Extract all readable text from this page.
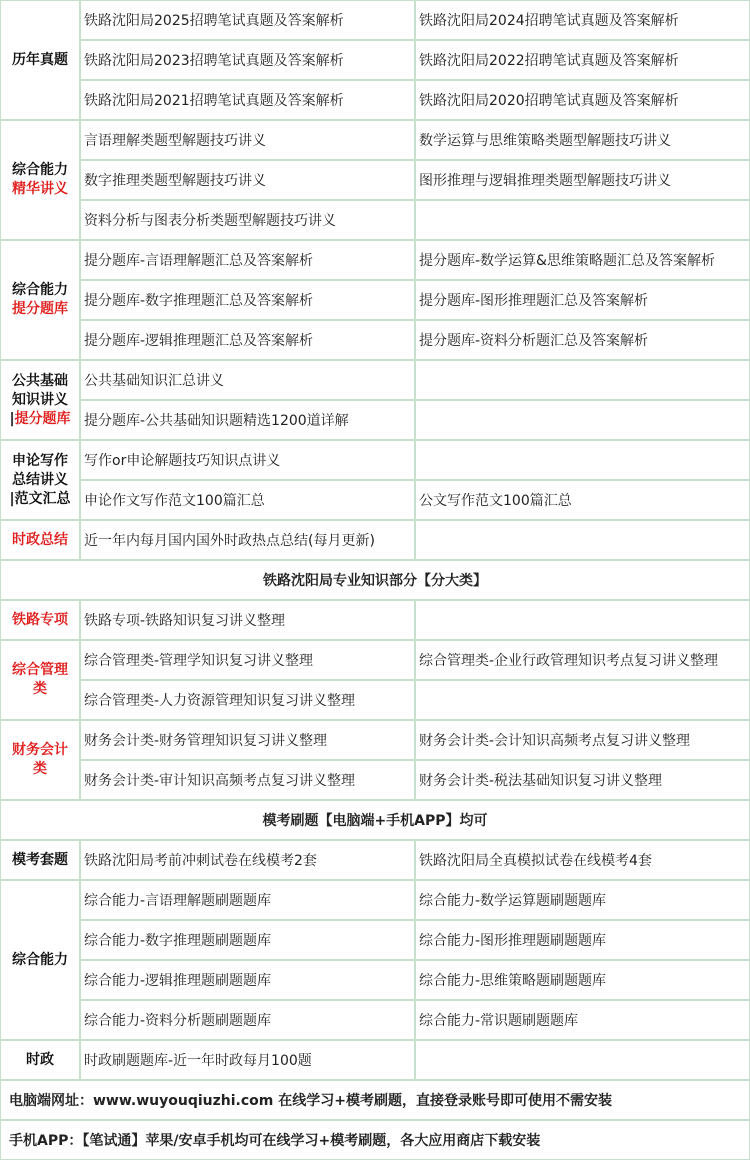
历年真题	铁路沈阳局2025招聘笔试真题及答案解析	铁路沈阳局2024招聘笔试真题及答案解析
	铁路沈阳局2023招聘笔试真题及答案解析	铁路沈阳局2022招聘笔试真题及答案解析
	铁路沈阳局2021招聘笔试真题及答案解析	铁路沈阳局2020招聘笔试真题及答案解析

综合能力
精华讲义	言语理解类题型解题技巧讲义	数学运算与思维策略类题型解题技巧讲义
	数字推理类题型解题技巧讲义	图形推理与逻辑推理类题型解题技巧讲义
	资料分析与图表分析类题型解题技巧讲义	

综合能力
提分题库	提分题库-言语理解题汇总及答案解析	提分题库-数学运算&思维策略题汇总及答案解析
	提分题库-数字推理题汇总及答案解析	提分题库-图形推理题汇总及答案解析
	提分题库-逻辑推理题汇总及答案解析	提分题库-资料分析题汇总及答案解析

公共基础
知识讲义
|提分题库	公共基础知识汇总讲义	
	提分题库-公共基础知识题精选1200道详解	

申论写作
总结讲义
|范文汇总	写作or申论解题技巧知识点讲义	
	申论作文写作范文100篇汇总	公文写作范文100篇汇总
时政总结	近一年内每月国内国外时政热点总结(每月更新)	
铁路沈阳局专业知识部分【分大类】		
铁路专项	铁路专项-铁路知识复习讲义整理	

综合管理
类	综合管理类-管理学知识复习讲义整理	综合管理类-企业行政管理知识考点复习讲义整理
	综合管理类-人力资源管理知识复习讲义整理	

财务会计
类	财务会计类-财务管理知识复习讲义整理	财务会计类-会计知识高频考点复习讲义整理
	财务会计类-审计知识高频考点复习讲义整理	财务会计类-税法基础知识复习讲义整理
模考刷题【电脑端+手机APP】均可		
模考套题	铁路沈阳局考前冲刺试卷在线模考2套	铁路沈阳局全真模拟试卷在线模考4套
综合能力	综合能力-言语理解题刷题题库	综合能力-数学运算题刷题题库
	综合能力-数字推理题刷题题库	综合能力-图形推理题刷题题库
	综合能力-逻辑推理题刷题题库	综合能力-思维策略题刷题题库
	综合能力-资料分析题刷题题库	综合能力-常识题刷题题库
时政	时政刷题题库-近一年时政每月100题	
电脑端网址：www.wuyouqiuzhi.com 在线学习+模考刷题，直接登录账号即可使用不需安装		
手机APP：【笔试通】苹果/安卓手机均可在线学习+模考刷题，各大应用商店下载安装		
